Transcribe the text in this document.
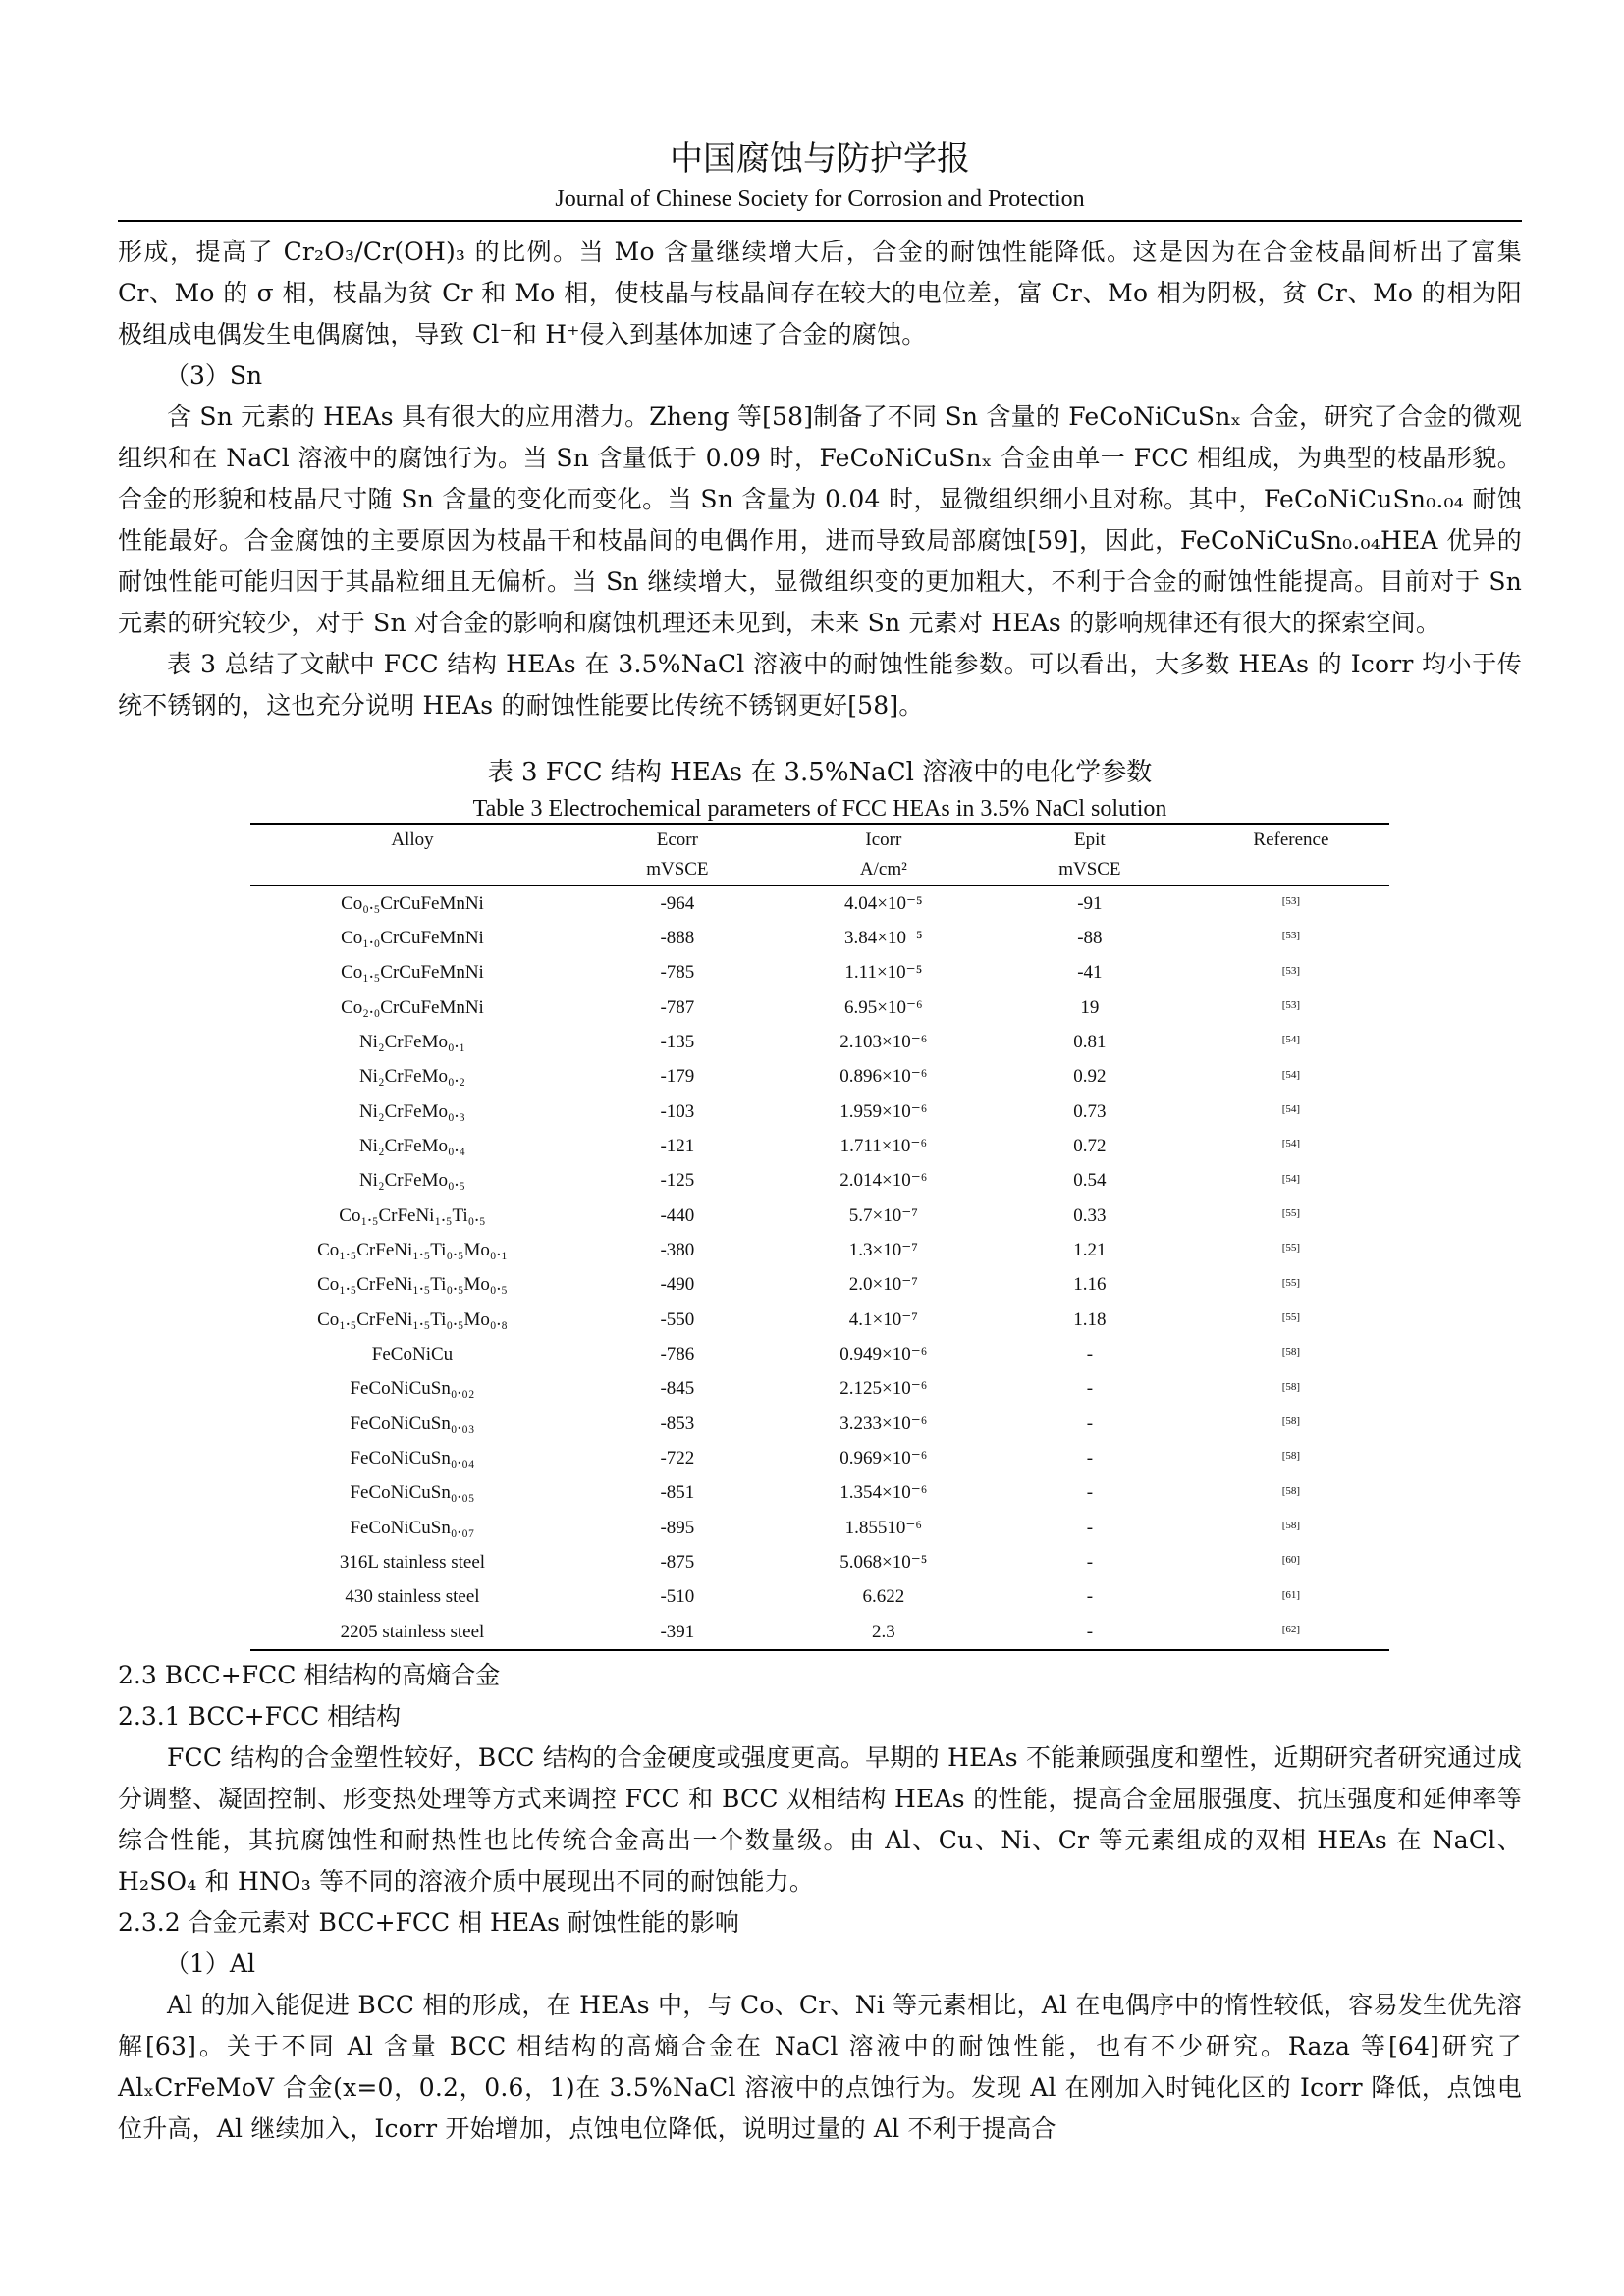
中国腐蚀与防护学报

Journal of Chinese Society for Corrosion and Protection

形成，提高了 Cr₂O₃/Cr(OH)₃ 的比例。当 Mo 含量继续增大后，合金的耐蚀性能降低。这是因为在合金枝晶间析出了富集 Cr、Mo 的 σ 相，枝晶为贫 Cr 和 Mo 相，使枝晶与枝晶间存在较大的电位差，富 Cr、Mo 相为阴极，贫 Cr、Mo 的相为阳极组成电偶发生电偶腐蚀，导致 Cl⁻和 H⁺侵入到基体加速了合金的腐蚀。

（3）Sn

含 Sn 元素的 HEAs 具有很大的应用潜力。Zheng 等[58]制备了不同 Sn 含量的 FeCoNiCuSnₓ 合金，研究了合金的微观组织和在 NaCl 溶液中的腐蚀行为。当 Sn 含量低于 0.09 时，FeCoNiCuSnₓ 合金由单一 FCC 相组成，为典型的枝晶形貌。合金的形貌和枝晶尺寸随 Sn 含量的变化而变化。当 Sn 含量为 0.04 时，显微组织细小且对称。其中，FeCoNiCuSn₀.₀₄ 耐蚀性能最好。合金腐蚀的主要原因为枝晶干和枝晶间的电偶作用，进而导致局部腐蚀[59]，因此，FeCoNiCuSn₀.₀₄HEA 优异的耐蚀性能可能归因于其晶粒细且无偏析。当 Sn 继续增大，显微组织变的更加粗大，不利于合金的耐蚀性能提高。目前对于 Sn 元素的研究较少，对于 Sn 对合金的影响和腐蚀机理还未见到，未来 Sn 元素对 HEAs 的影响规律还有很大的探索空间。

表 3 总结了文献中 FCC 结构 HEAs 在 3.5%NaCl 溶液中的耐蚀性能参数。可以看出，大多数 HEAs 的 Icorr 均小于传统不锈钢的，这也充分说明 HEAs 的耐蚀性能要比传统不锈钢更好[58]。

表 3 FCC 结构 HEAs 在 3.5%NaCl 溶液中的电化学参数

Table 3 Electrochemical parameters of FCC HEAs in 3.5% NaCl solution

Alloy	Ecorr	Icorr	Epit	Reference
	mVSCE	A/cm²	mVSCE	
Co₀.₅CrCuFeMnNi	-964	4.04×10⁻⁵	-91	[53]
Co₁.₀CrCuFeMnNi	-888	3.84×10⁻⁵	-88	[53]
Co₁.₅CrCuFeMnNi	-785	1.11×10⁻⁵	-41	[53]
Co₂.₀CrCuFeMnNi	-787	6.95×10⁻⁶	19	[53]
Ni₂CrFeMo₀.₁	-135	2.103×10⁻⁶	0.81	[54]
Ni₂CrFeMo₀.₂	-179	0.896×10⁻⁶	0.92	[54]
Ni₂CrFeMo₀.₃	-103	1.959×10⁻⁶	0.73	[54]
Ni₂CrFeMo₀.₄	-121	1.711×10⁻⁶	0.72	[54]
Ni₂CrFeMo₀.₅	-125	2.014×10⁻⁶	0.54	[54]
Co₁.₅CrFeNi₁.₅Ti₀.₅	-440	5.7×10⁻⁷	0.33	[55]
Co₁.₅CrFeNi₁.₅Ti₀.₅Mo₀.₁	-380	1.3×10⁻⁷	1.21	[55]
Co₁.₅CrFeNi₁.₅Ti₀.₅Mo₀.₅	-490	2.0×10⁻⁷	1.16	[55]
Co₁.₅CrFeNi₁.₅Ti₀.₅Mo₀.₈	-550	4.1×10⁻⁷	1.18	[55]
FeCoNiCu	-786	0.949×10⁻⁶	-	[58]
FeCoNiCuSn₀.₀₂	-845	2.125×10⁻⁶	-	[58]
FeCoNiCuSn₀.₀₃	-853	3.233×10⁻⁶	-	[58]
FeCoNiCuSn₀.₀₄	-722	0.969×10⁻⁶	-	[58]
FeCoNiCuSn₀.₀₅	-851	1.354×10⁻⁶	-	[58]
FeCoNiCuSn₀.₀₇	-895	1.85510⁻⁶	-	[58]
316L stainless steel	-875	5.068×10⁻⁵	-	[60]
430 stainless steel	-510	6.622	-	[61]
2205 stainless steel	-391	2.3	-	[62]

2.3 BCC+FCC 相结构的高熵合金

2.3.1 BCC+FCC 相结构

FCC 结构的合金塑性较好，BCC 结构的合金硬度或强度更高。早期的 HEAs 不能兼顾强度和塑性，近期研究者研究通过成分调整、凝固控制、形变热处理等方式来调控 FCC 和 BCC 双相结构 HEAs 的性能，提高合金屈服强度、抗压强度和延伸率等综合性能，其抗腐蚀性和耐热性也比传统合金高出一个数量级。由 Al、Cu、Ni、Cr 等元素组成的双相 HEAs 在 NaCl、H₂SO₄ 和 HNO₃ 等不同的溶液介质中展现出不同的耐蚀能力。

2.3.2 合金元素对 BCC+FCC 相 HEAs 耐蚀性能的影响

（1）Al

Al 的加入能促进 BCC 相的形成，在 HEAs 中，与 Co、Cr、Ni 等元素相比，Al 在电偶序中的惰性较低，容易发生优先溶解[63]。关于不同 Al 含量 BCC 相结构的高熵合金在 NaCl 溶液中的耐蚀性能，也有不少研究。Raza 等[64]研究了 AlₓCrFeMoV 合金(x=0，0.2，0.6，1)在 3.5%NaCl 溶液中的点蚀行为。发现 Al 在刚加入时钝化区的 Icorr 降低，点蚀电位升高，Al 继续加入，Icorr 开始增加，点蚀电位降低，说明过量的 Al 不利于提高合
